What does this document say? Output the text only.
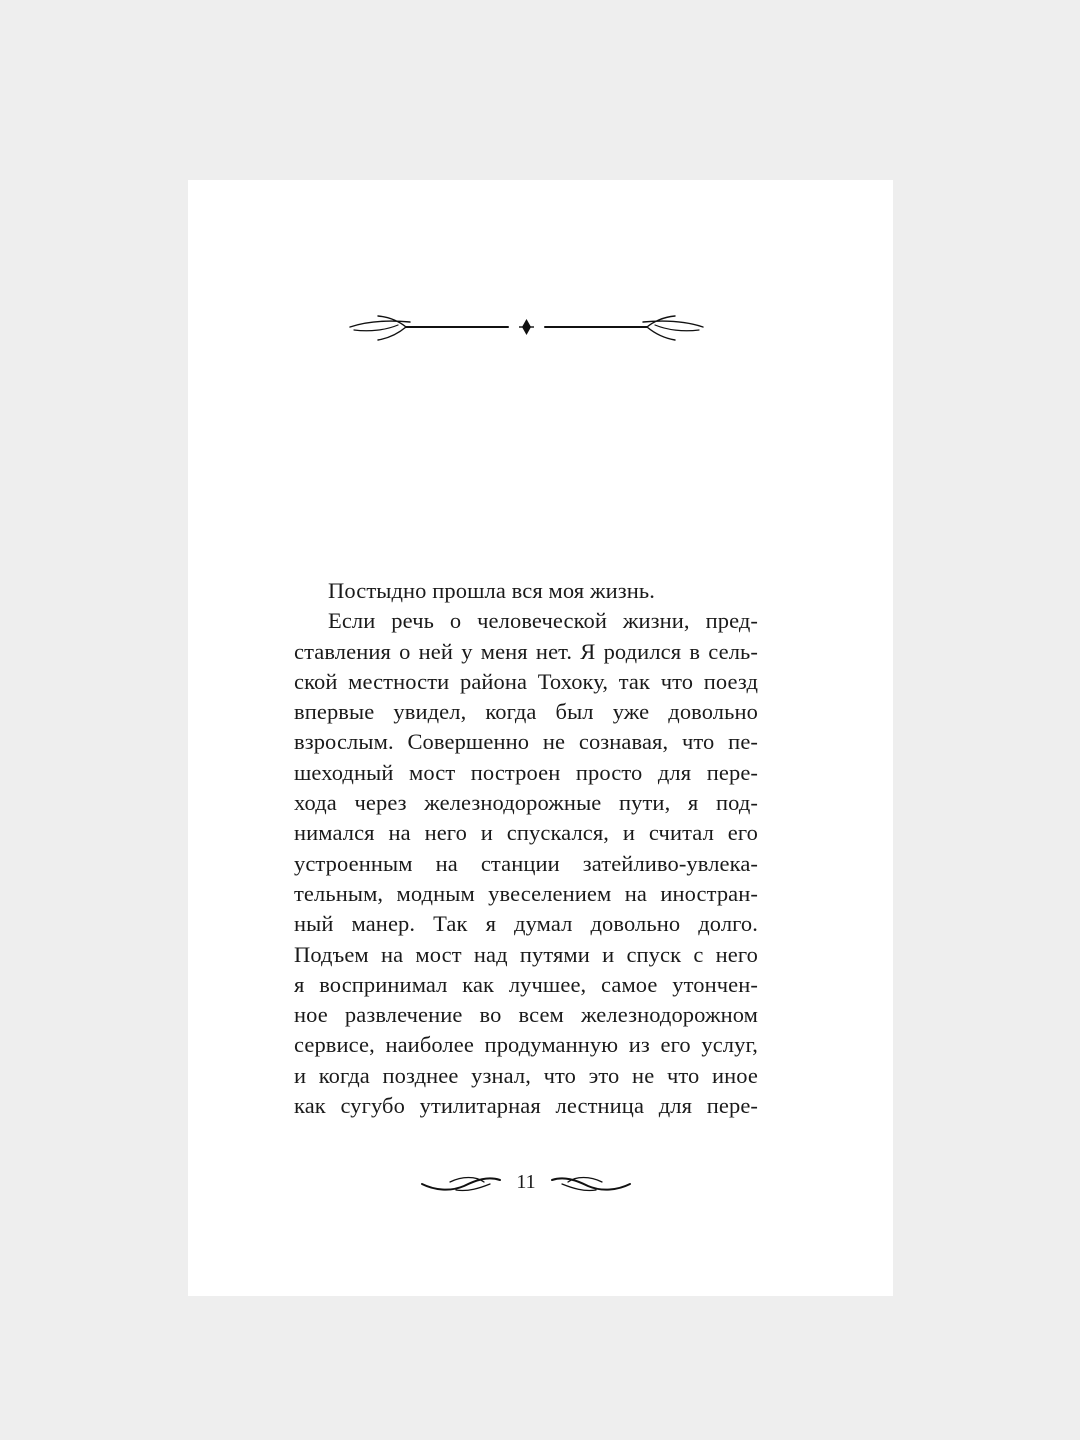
Постыдно прошла вся моя жизнь.
Если речь о человеческой жизни, пред-
ставления о ней у меня нет. Я родился в сель-
ской местности района Тохоку, так что поезд
впервые увидел, когда был уже довольно
взрослым. Совершенно не сознавая, что пе-
шеходный мост построен просто для пере-
хода через железнодорожные пути, я под-
нимался на него и спускался, и считал его
устроенным на станции затейливо-увлека-
тельным, модным увеселением на иностран-
ный манер. Так я думал довольно долго.
Подъем на мост над путями и спуск с него
я воспринимал как лучшее, самое утончен-
ное развлечение во всем железнодорожном
сервисе, наиболее продуманную из его услуг,
и когда позднее узнал, что это не что иное
как сугубо утилитарная лестница для пере-
11
